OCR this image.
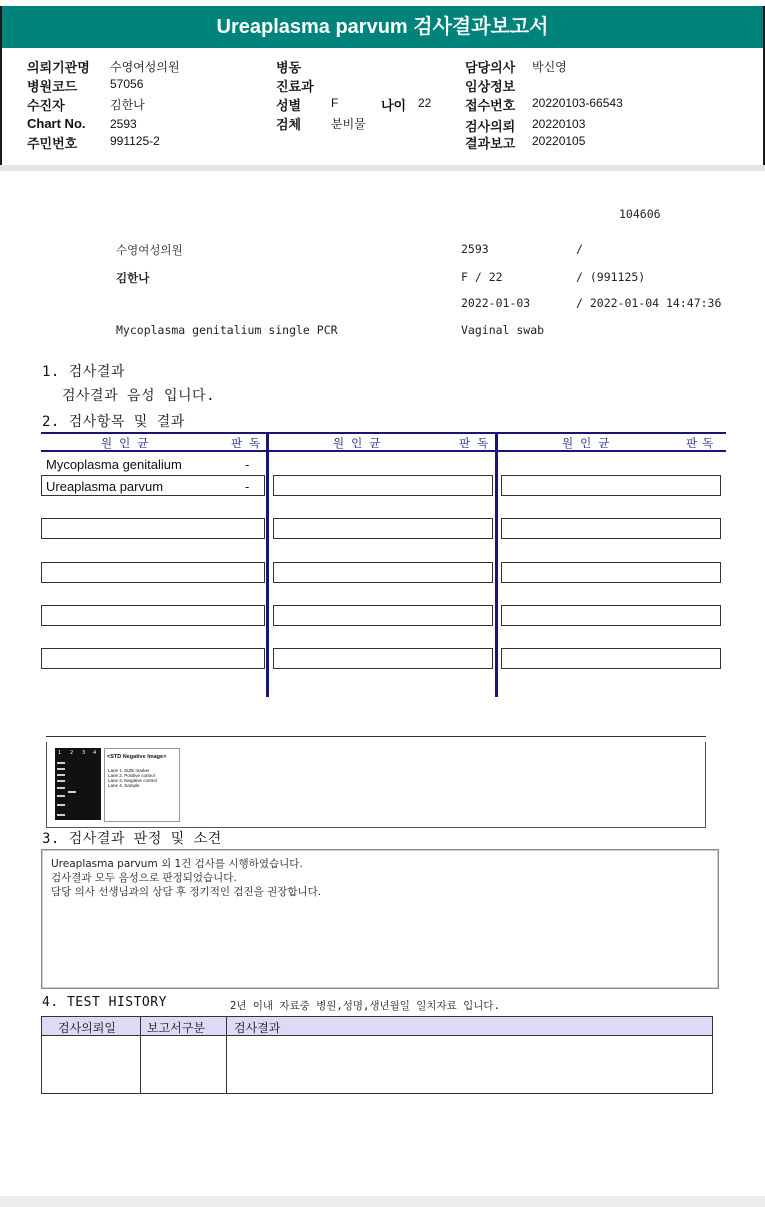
Ureaplasma parvum 검사결과보고서
의뢰기관명 수영여성의원
병원코드	57056
수진자	김한나
Chart No. 2593
주민번호	991125-2
병동
진료과
성별 F	나이 22
검체 분비물
담당의사 박신영
임상정보
접수번호 20220103-66543
검사의뢰 20220103
결과보고 20220105
104606
수영여성의원	2593	/
김한나	F / 22	/ (991125)
2022-01-03	/ 2022-01-04 14:47:36
Mycoplasma genitalium single PCR	Vaginal swab
1. 검사결과
검사결과 음성 입니다.
2. 검사항목 및 결과
원인균	판독	원인균	판독	원인균	판독
Mycoplasma genitalium	-
Ureaplasma parvum	-
1 2 3 4
<STD Negative Image>
Lane 1. SIZE marker
Lane 2. Positive control
Lane 3. Negative control
Lane 4. Sample
3. 검사결과 판정 및 소견
Ureaplasma parvum 외 1건 검사를 시행하였습니다.
검사결과 모두 음성으로 판정되었습니다.
담당 의사 선생님과의 상담 후 정기적인 검진을 권장합니다.
4. TEST HISTORY	2년 이내 자료중 병원,성명,생년월일 일치자료 입니다.
검사의뢰일	보고서구분 검사결과
